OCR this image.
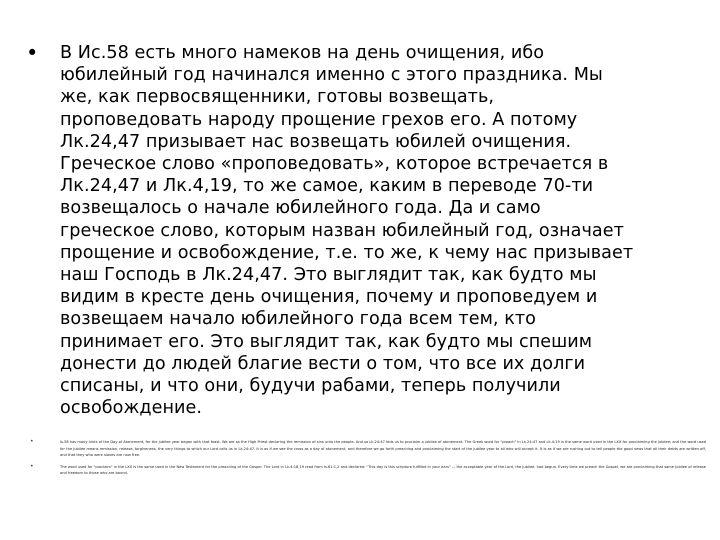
•	В Ис.58 есть много намеков на день очищения, ибо
юбилейный год начинался именно с этого праздника. Мы
же, как первосвященники, готовы возвещать,
проповедовать народу прощение грехов его. А потому
Лк.24,47 призывает нас возвещать юбилей очищения.
Греческое слово «проповедовать», которое встречается в
Лк.24,47 и Лк.4,19, то же самое, каким в переводе 70-ти
возвещалось о начале юбилейного года. Да и само
греческое слово, которым назван юбилейный год, означает
прощение и освобождение, т.е. то же, к чему нас призывает
наш Господь в Лк.24,47. Это выглядит так, как будто мы
видим в кресте день очищения, почему и проповедуем и
возвещаем начало юбилейного года всем тем, кто
принимает его. Это выглядит так, как будто мы спешим
донести до людей благие вести о том, что все их долги
списаны, и что они, будучи рабами, теперь получили
освобождение.
•	Is.58 has many hints of the Day of Atonement, for the jubilee year began with that feast. We are as the High Priest declaring the remission of sins unto the people. And so Lk.24:47 bids us to proclaim a jubilee of atonement. The Greek word for "preach" in Lk.24:47 and Lk.4:19 is the same word used in the LXX for proclaiming the jubilee; and the word used for the jubilee means remission, release, forgiveness, the very things to which our Lord calls us in Lk.24:47. It is as if we see the cross as a day of atonement, and therefore we go forth preaching and proclaiming the start of the jubilee year to all who will accept it. It is as if we are rushing out to tell people the good news that all their debts are written off, and that they who were slaves are now free.
•	The word used for "proclaim" in the LXX is the same used in the New Testament for the preaching of the Gospel. The Lord in Lk.4:18,19 read from Is.61:1,2 and declared: "This day is this scripture fulfilled in your ears" — the acceptable year of the Lord, the jubilee, had begun. Every time we preach the Gospel, we are proclaiming that same jubilee of release and freedom to those who are bound.
